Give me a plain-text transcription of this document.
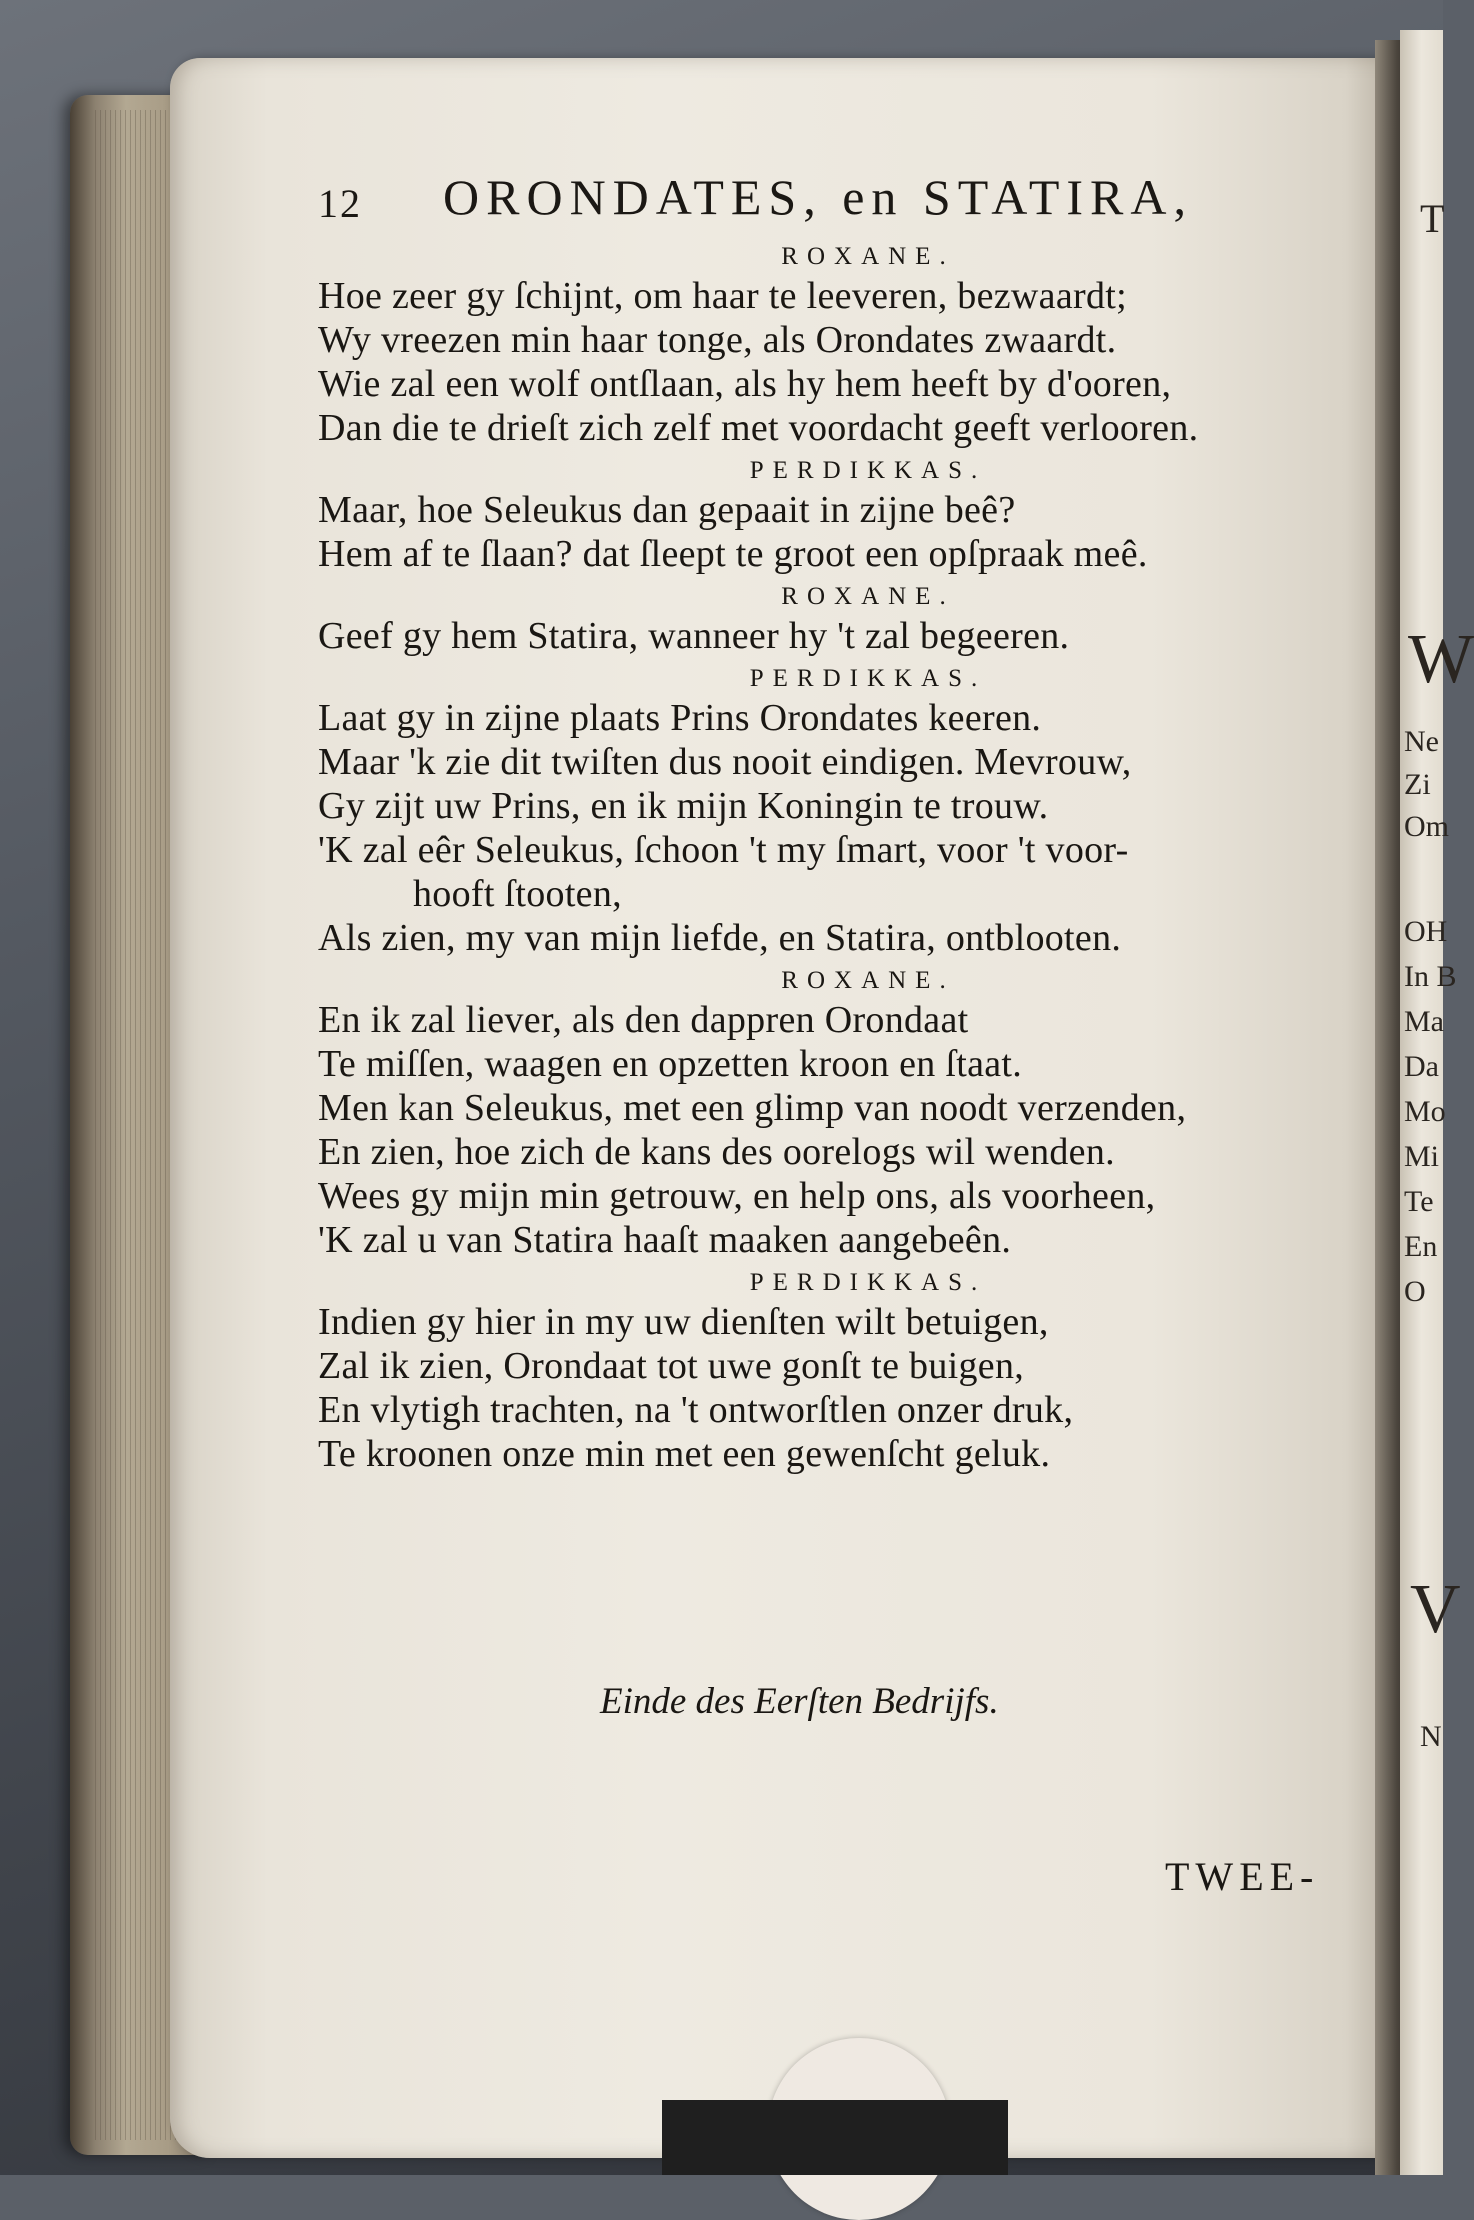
T
W
Ne
Zi
Om
OH
In B
Ma
Da
Mo
Mi
Te
En
O
V
N
12 ORONDATES, en STATIRA,
ROXANE.
Hoe zeer gy ſchijnt, om haar te leeveren, bezwaardt;
Wy vreezen min haar tonge, als Orondates zwaardt.
Wie zal een wolf ontſlaan, als hy hem heeft by d'ooren,
Dan die te drieſt zich zelf met voordacht geeft verlooren.
PERDIKKAS.
Maar, hoe Seleukus dan gepaait in zijne beê?
Hem af te ſlaan? dat ſleept te groot een opſpraak meê.
ROXANE.
Geef gy hem Statira, wanneer hy 't zal begeeren.
PERDIKKAS.
Laat gy in zijne plaats Prins Orondates keeren.
Maar 'k zie dit twiſten dus nooit eindigen. Mevrouw,
Gy zijt uw Prins, en ik mijn Koningin te trouw.
'K zal eêr Seleukus, ſchoon 't my ſmart, voor 't voor-
hooft ſtooten,
Als zien, my van mijn liefde, en Statira, ontblooten.
ROXANE.
En ik zal liever, als den dappren Orondaat
Te miſſen, waagen en opzetten kroon en ſtaat.
Men kan Seleukus, met een glimp van noodt verzenden,
En zien, hoe zich de kans des oorelogs wil wenden.
Wees gy mijn min getrouw, en help ons, als voorheen,
'K zal u van Statira haaſt maaken aangebeên.
PERDIKKAS.
Indien gy hier in my uw dienſten wilt betuigen,
Zal ik zien, Orondaat tot uwe gonſt te buigen,
En vlytigh trachten, na 't ontworſtlen onzer druk,
Te kroonen onze min met een gewenſcht geluk.
Einde des Eerſten Bedrijfs.
TWEE-
